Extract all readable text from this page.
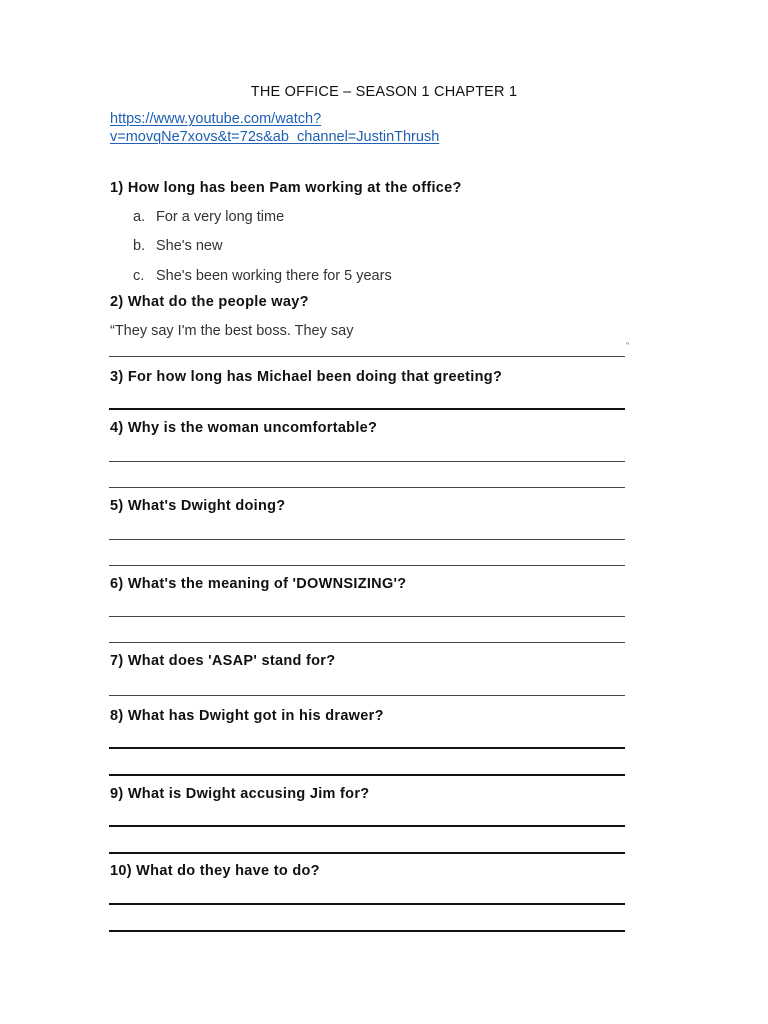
THE OFFICE – SEASON 1 CHAPTER 1
https://www.youtube.com/watch?
v=movqNe7xovs&t=72s&ab_channel=JustinThrush
1) How long has been Pam working at the office?
a. For a very long time
b. She's new
c. She's been working there for 5 years
2) What do the people way?
“They say I'm the best boss. They say
”
3) For how long has Michael been doing that greeting?
4) Why is the woman uncomfortable?
5) What's Dwight doing?
6) What's the meaning of 'DOWNSIZING'?
7) What does 'ASAP' stand for?
8) What has Dwight got in his drawer?
9) What is Dwight accusing Jim for?
10) What do they have to do?
